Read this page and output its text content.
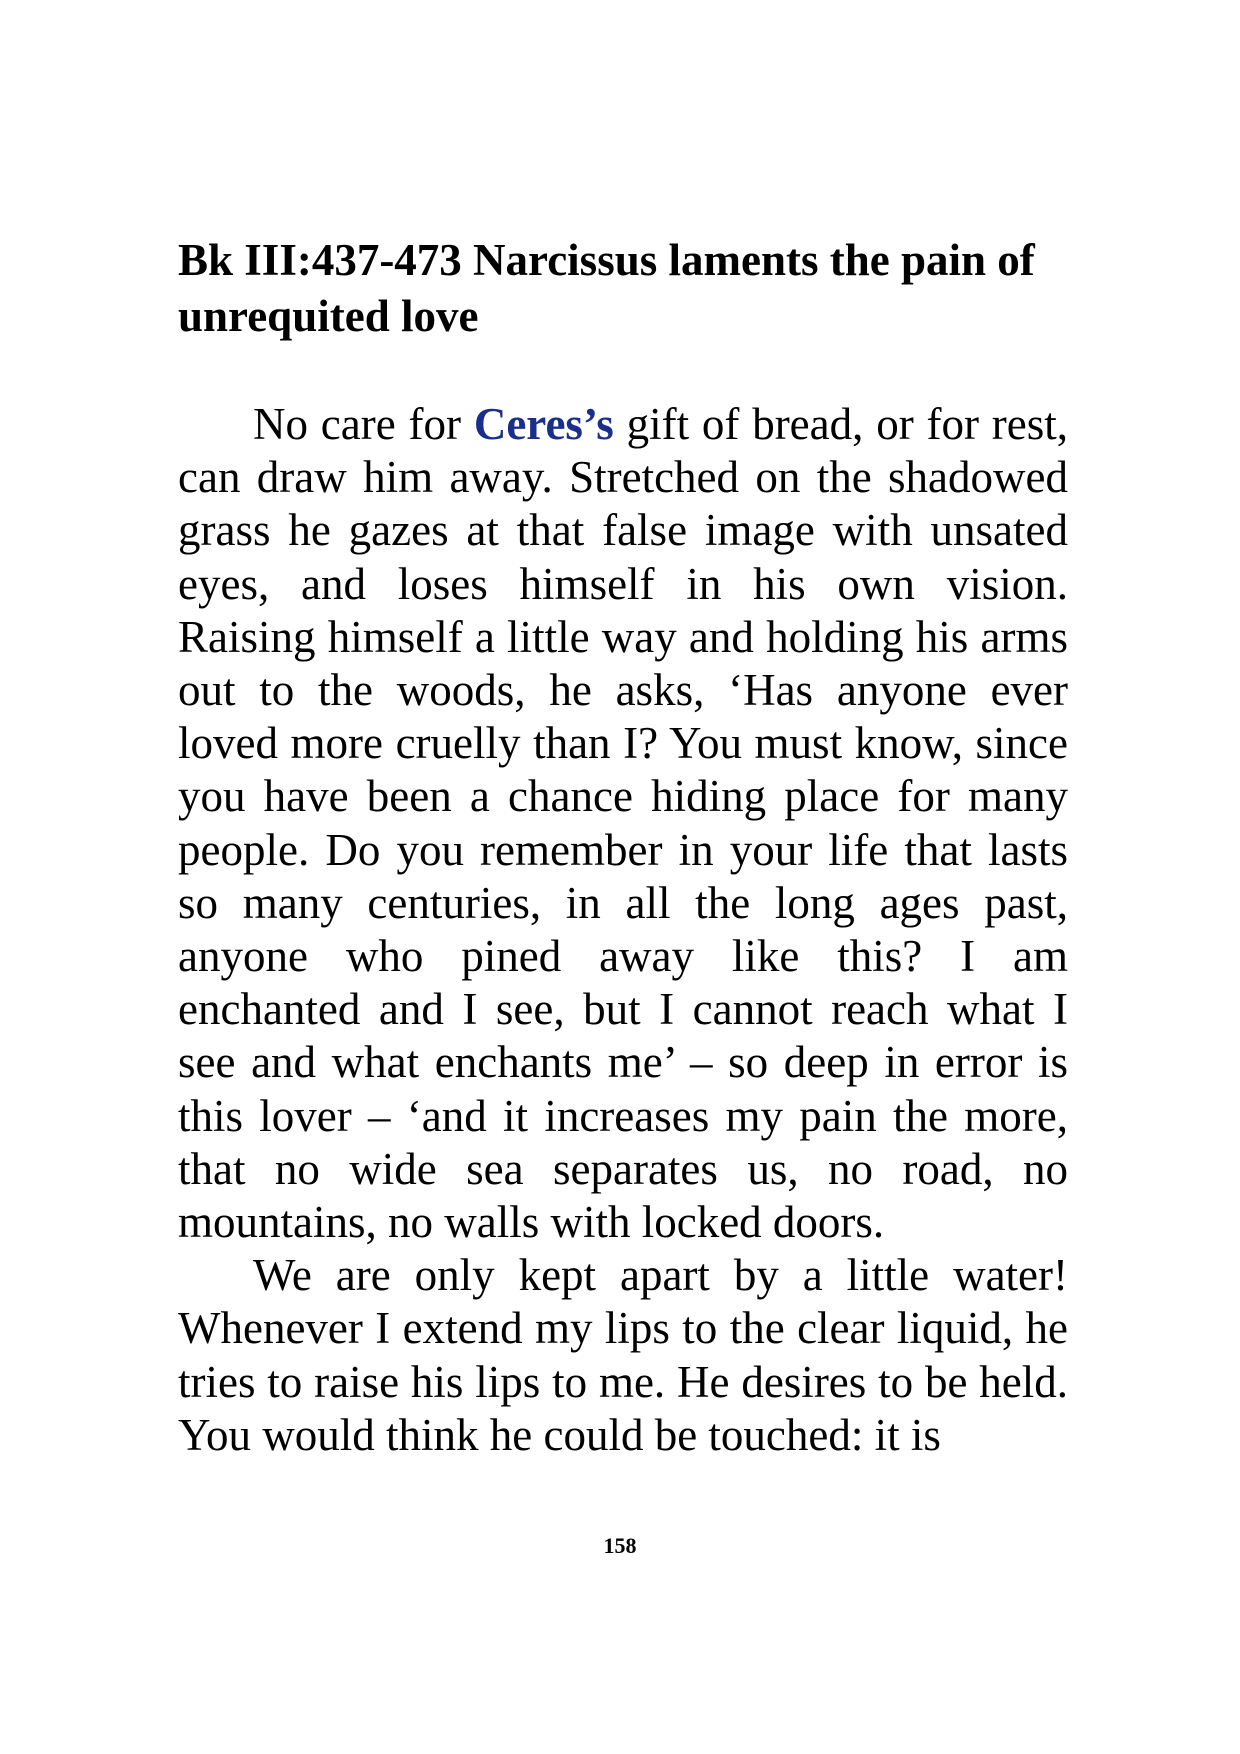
Bk III:437-473 Narcissus laments the pain of unrequited love

No care for Ceres’s gift of bread, or for rest, can draw him away. Stretched on the shadowed grass he gazes at that false image with unsated eyes, and loses himself in his own vision. Raising himself a little way and holding his arms out to the woods, he asks, ‘Has anyone ever loved more cruelly than I? You must know, since you have been a chance hiding place for many people. Do you remember in your life that lasts so many centuries, in all the long ages past, anyone who pined away like this? I am enchanted and I see, but I cannot reach what I see and what enchants me’ – so deep in error is this lover – ‘and it increases my pain the more, that no wide sea separates us, no road, no mountains, no walls with locked doors.

We are only kept apart by a little water! Whenever I extend my lips to the clear liquid, he tries to raise his lips to me. He desires to be held. You would think he could be touched: it is

158
